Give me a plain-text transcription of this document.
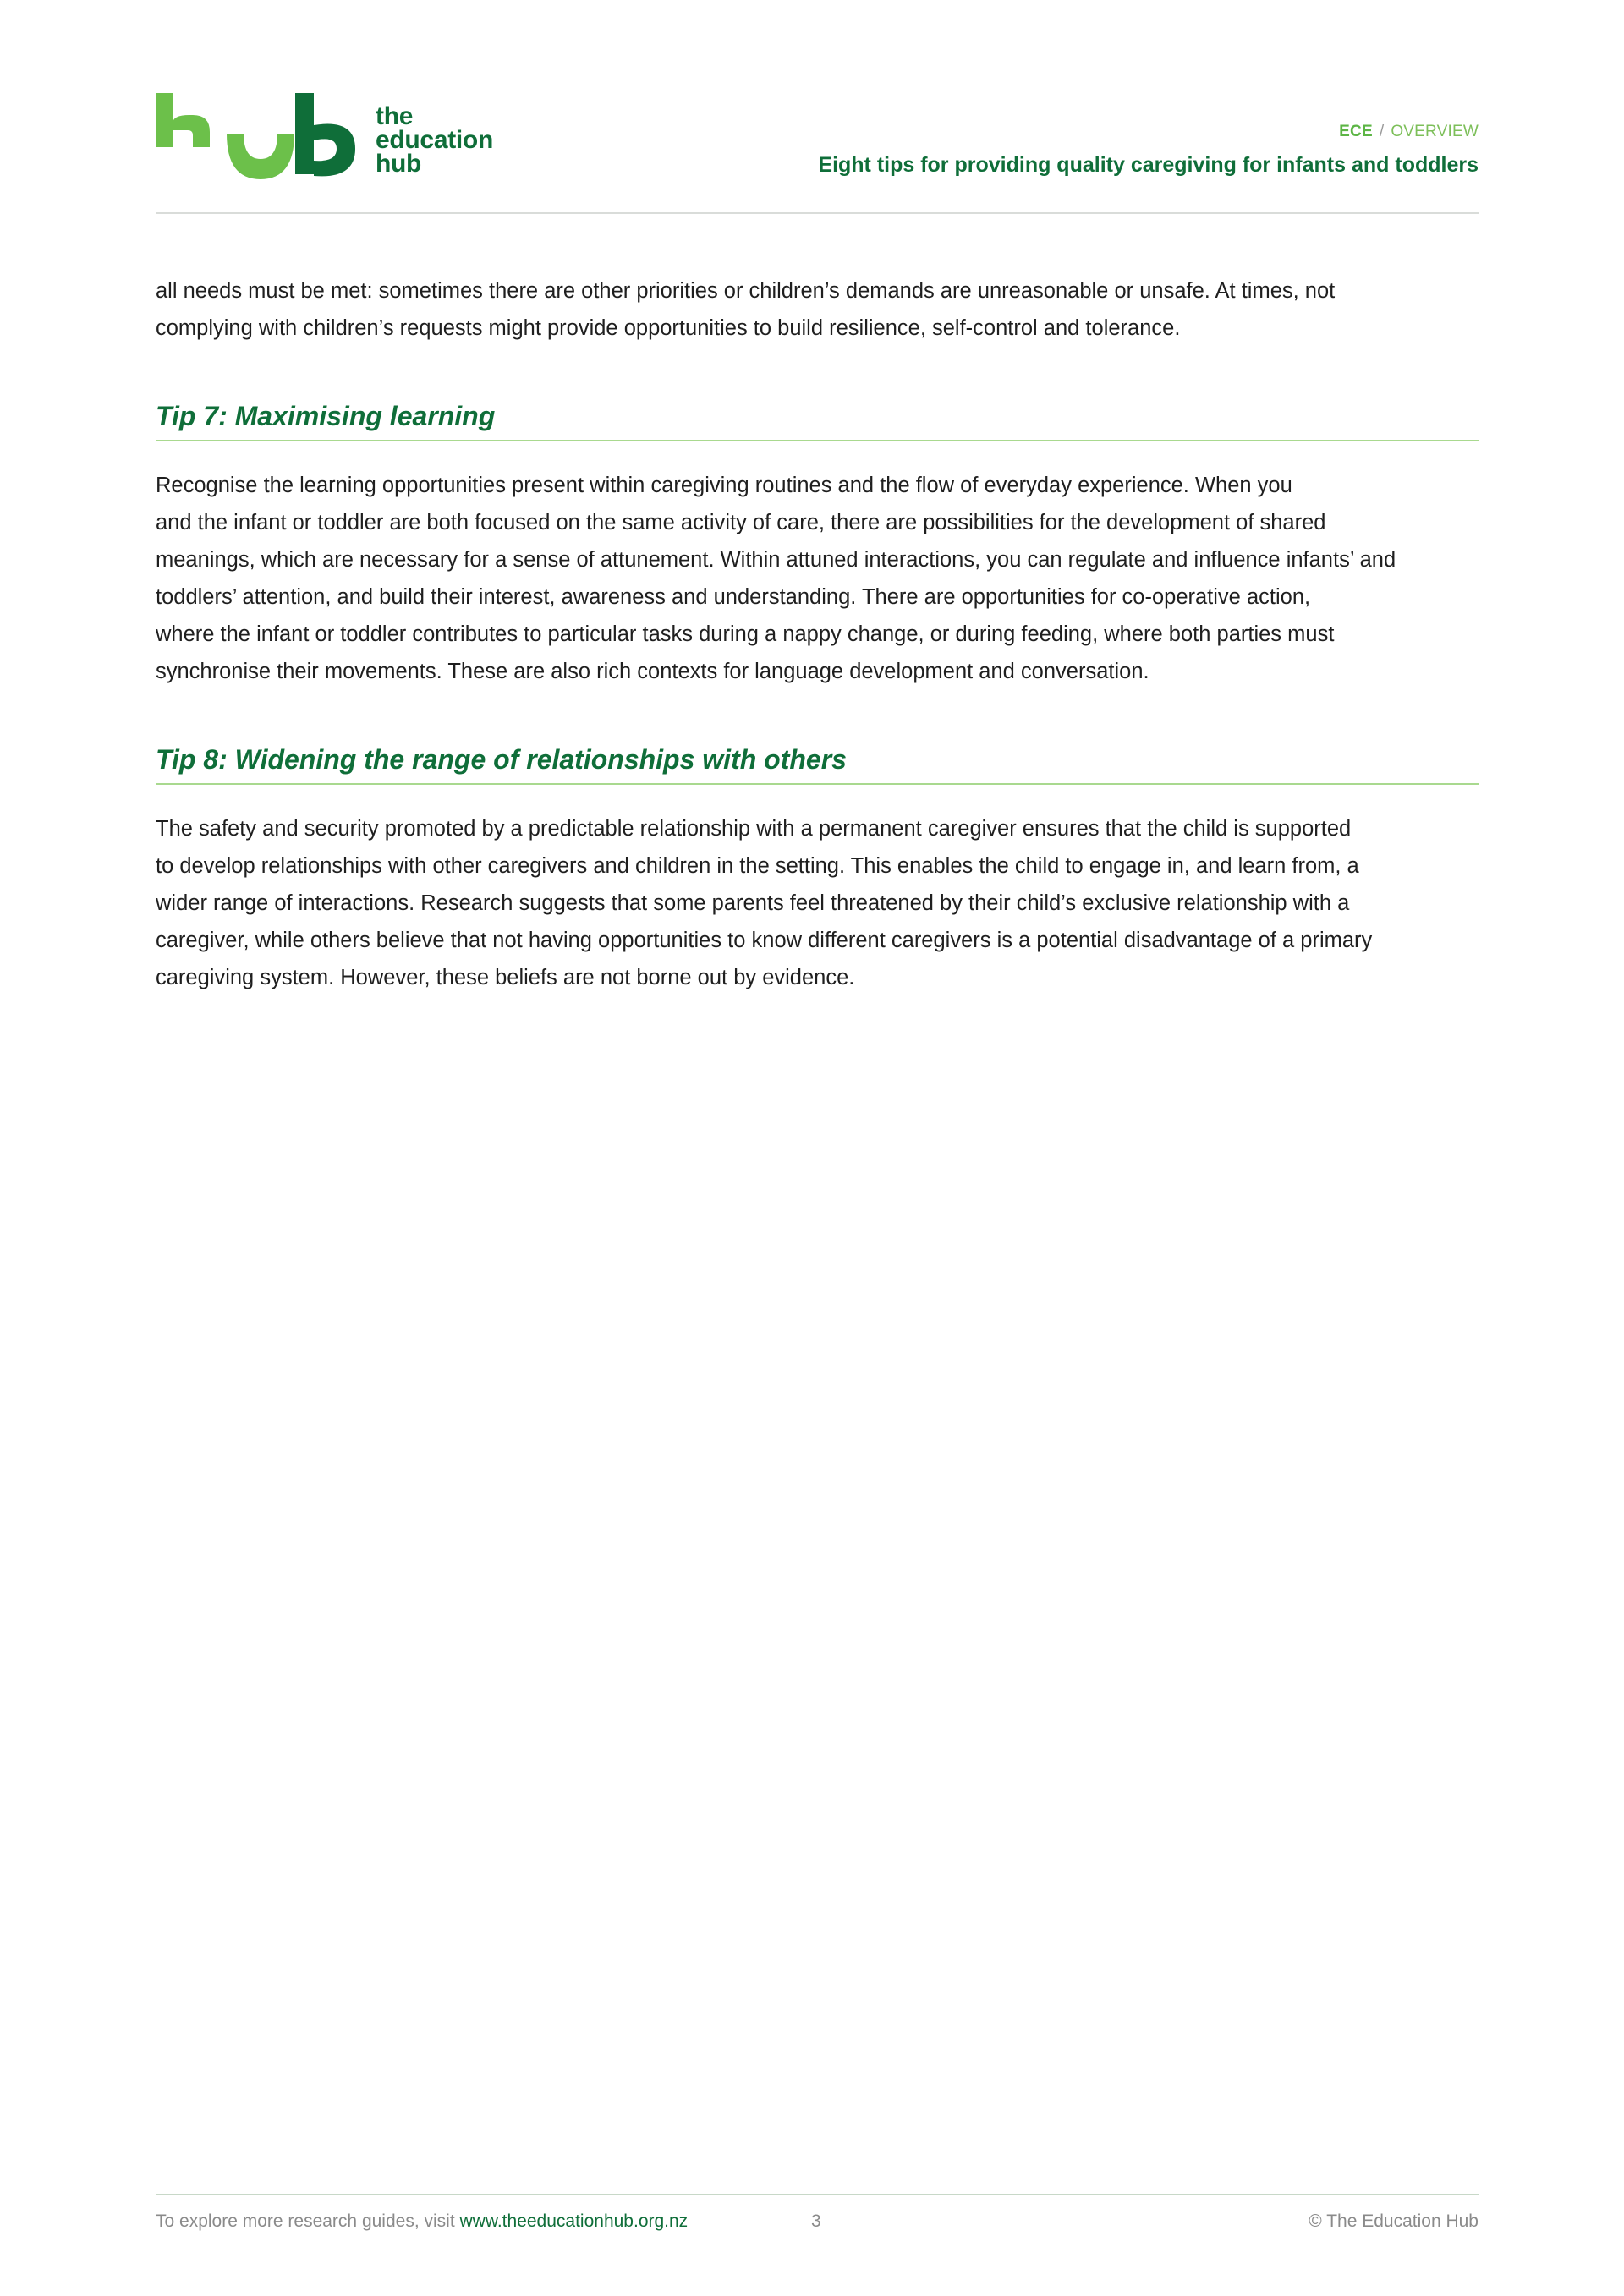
the
education
hub
ECE / OVERVIEW
Eight tips for providing quality caregiving for infants and toddlers

all needs must be met: sometimes there are other priorities or children’s demands are unreasonable or unsafe. At times, not
complying with children’s requests might provide opportunities to build resilience, self-control and tolerance.

Tip 7: Maximising learning

Recognise the learning opportunities present within caregiving routines and the flow of everyday experience. When you
and the infant or toddler are both focused on the same activity of care, there are possibilities for the development of shared
meanings, which are necessary for a sense of attunement. Within attuned interactions, you can regulate and influence infants’ and
toddlers’ attention, and build their interest, awareness and understanding. There are opportunities for co-operative action,
where the infant or toddler contributes to particular tasks during a nappy change, or during feeding, where both parties must
synchronise their movements. These are also rich contexts for language development and conversation.

Tip 8: Widening the range of relationships with others

The safety and security promoted by a predictable relationship with a permanent caregiver ensures that the child is supported
to develop relationships with other caregivers and children in the setting. This enables the child to engage in, and learn from, a
wider range of interactions. Research suggests that some parents feel threatened by their child’s exclusive relationship with a
caregiver, while others believe that not having opportunities to know different caregivers is a potential disadvantage of a primary
caregiving system. However, these beliefs are not borne out by evidence.

To explore more research guides, visit www.theeducationhub.org.nz	3	© The Education Hub
